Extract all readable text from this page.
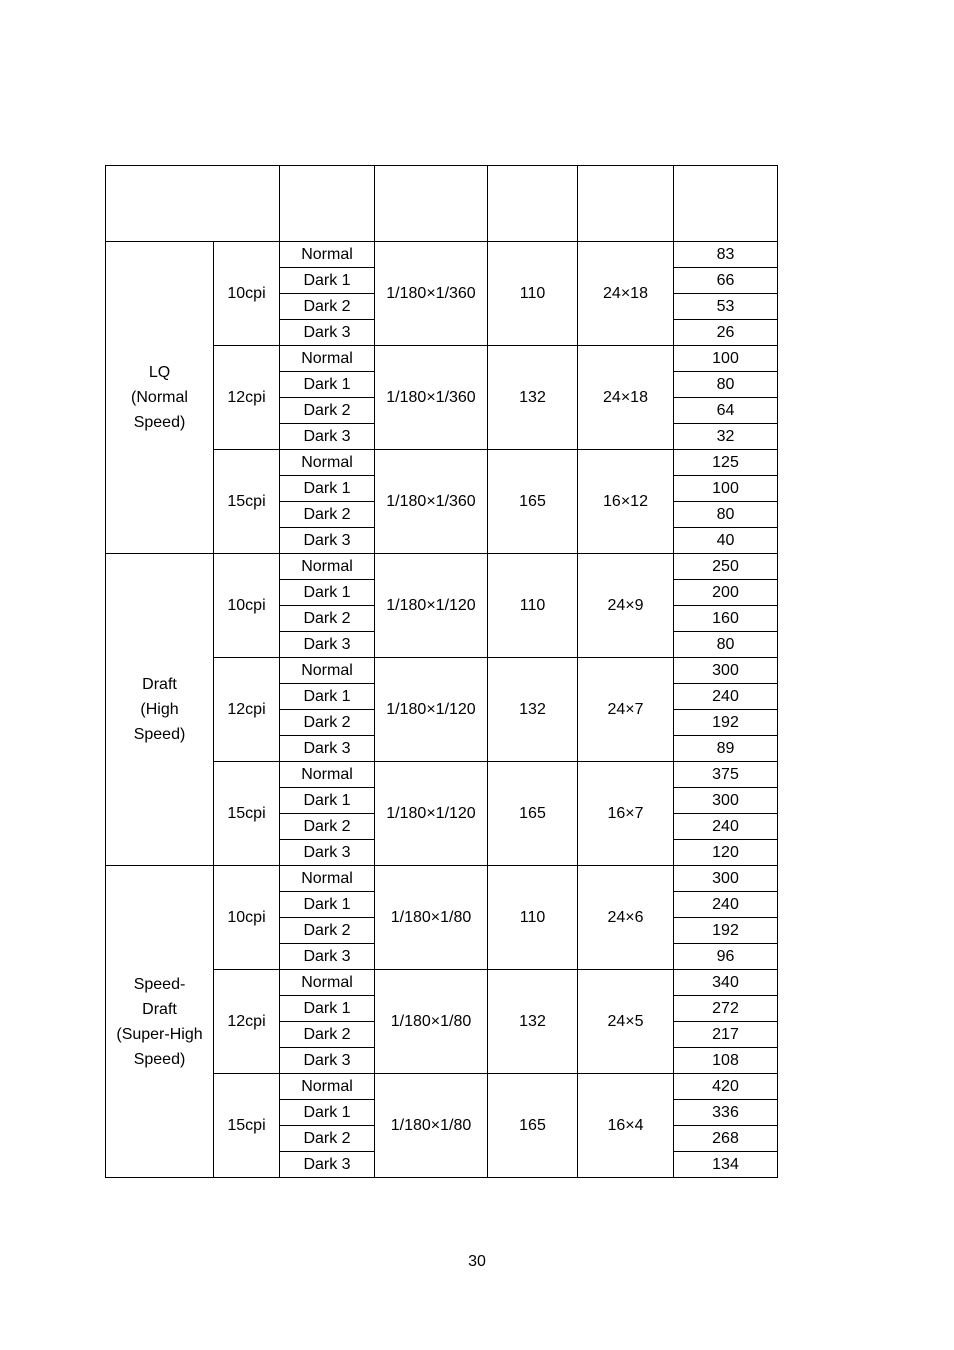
LQ
(Normal
Speed)	10cpi	Normal	1/180×1/360	110	24×18	83
		Dark 1				66
		Dark 2				53
		Dark 3				26
	12cpi	Normal	1/180×1/360	132	24×18	100
		Dark 1				80
		Dark 2				64
		Dark 3				32
	15cpi	Normal	1/180×1/360	165	16×12	125
		Dark 1				100
		Dark 2				80
		Dark 3				40

Draft
(High
Speed)	10cpi	Normal	1/180×1/120	110	24×9	250
		Dark 1				200
		Dark 2				160
		Dark 3				80
	12cpi	Normal	1/180×1/120	132	24×7	300
		Dark 1				240
		Dark 2				192
		Dark 3				89
	15cpi	Normal	1/180×1/120	165	16×7	375
		Dark 1				300
		Dark 2				240
		Dark 3				120

Speed-
Draft
(Super-High
Speed)	10cpi	Normal	1/180×1/80	110	24×6	300
		Dark 1				240
		Dark 2				192
		Dark 3				96
	12cpi	Normal	1/180×1/80	132	24×5	340
		Dark 1				272
		Dark 2				217
		Dark 3				108
	15cpi	Normal	1/180×1/80	165	16×4	420
		Dark 1				336
		Dark 2				268
		Dark 3				134
30
